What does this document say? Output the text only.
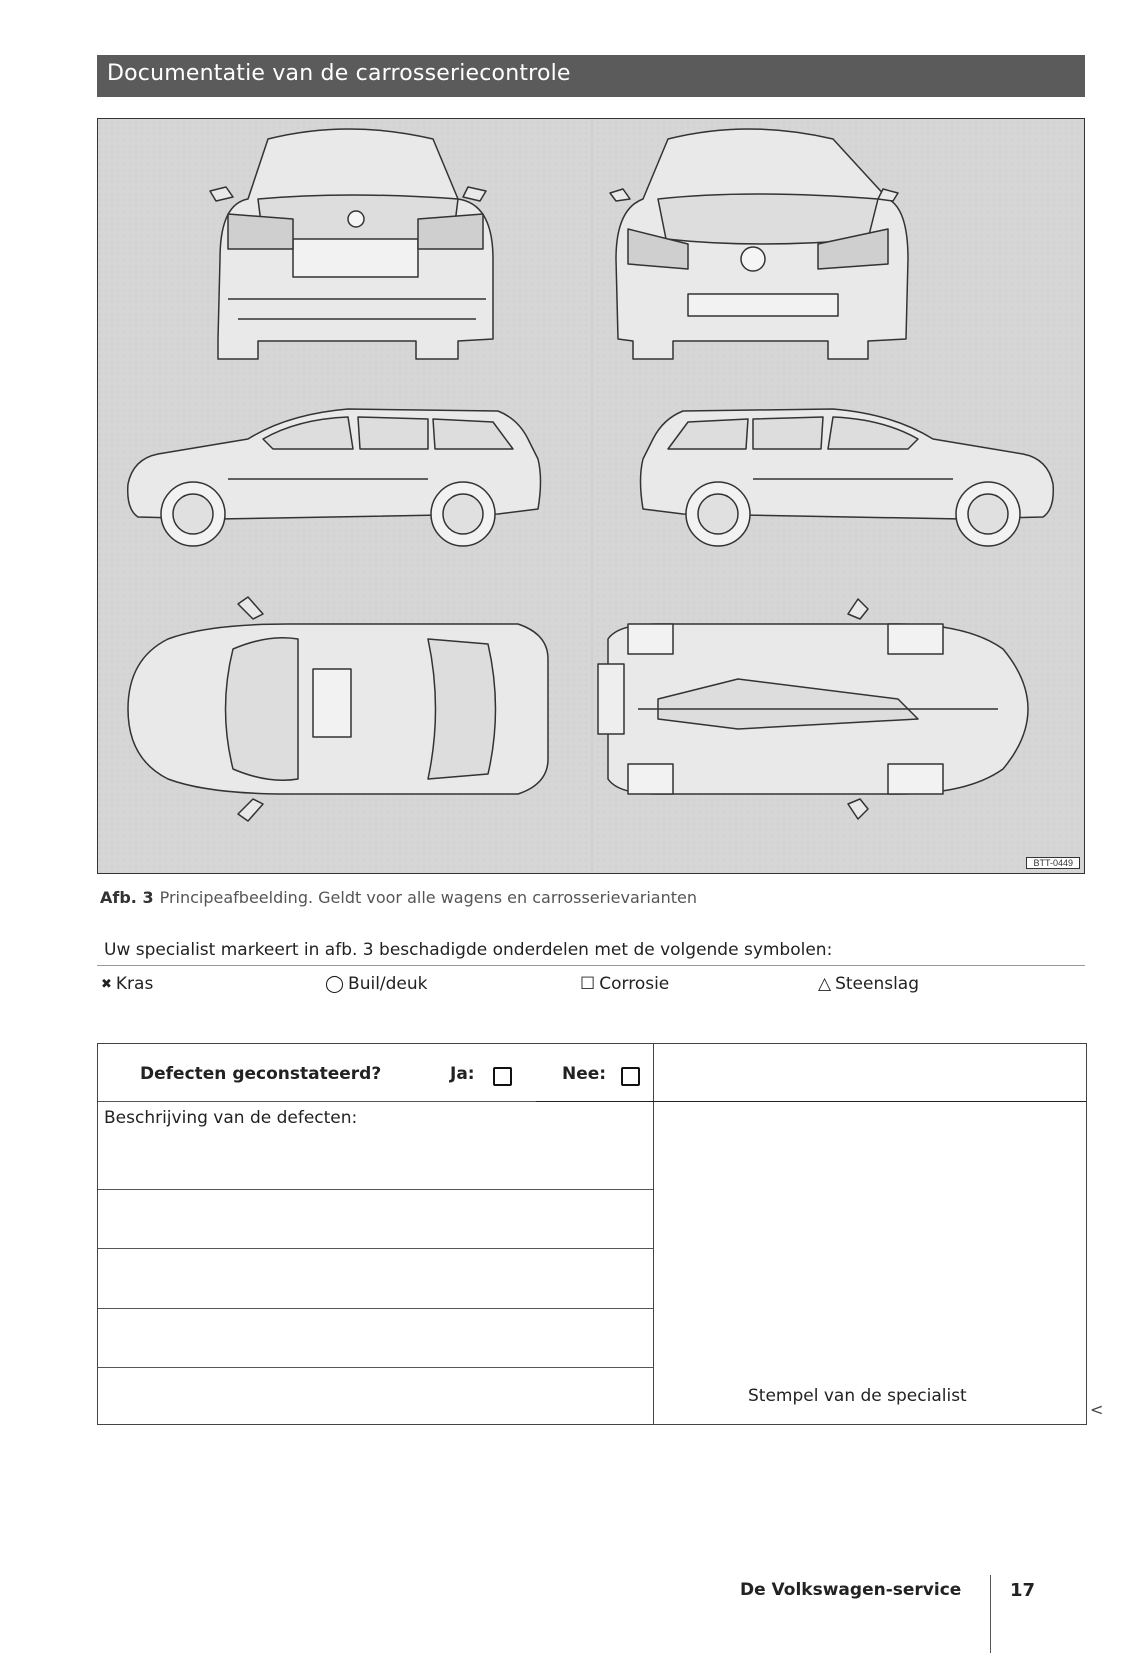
Documentatie van de carrosseriecontrole
BTT-0449
Afb. 3 Principeafbeelding. Geldt voor alle wagens en carrosserievarianten
Uw specialist markeert in afb. 3 beschadigde onderdelen met de volgende symbolen:
✖ Kras	◯ Buil/deuk	☐ Corrosie	△ Steenslag
Defecten geconstateerd?	Ja:	Nee:
Beschrijving van de defecten:
Stempel van de specialist
<
De Volkswagen-service	17
